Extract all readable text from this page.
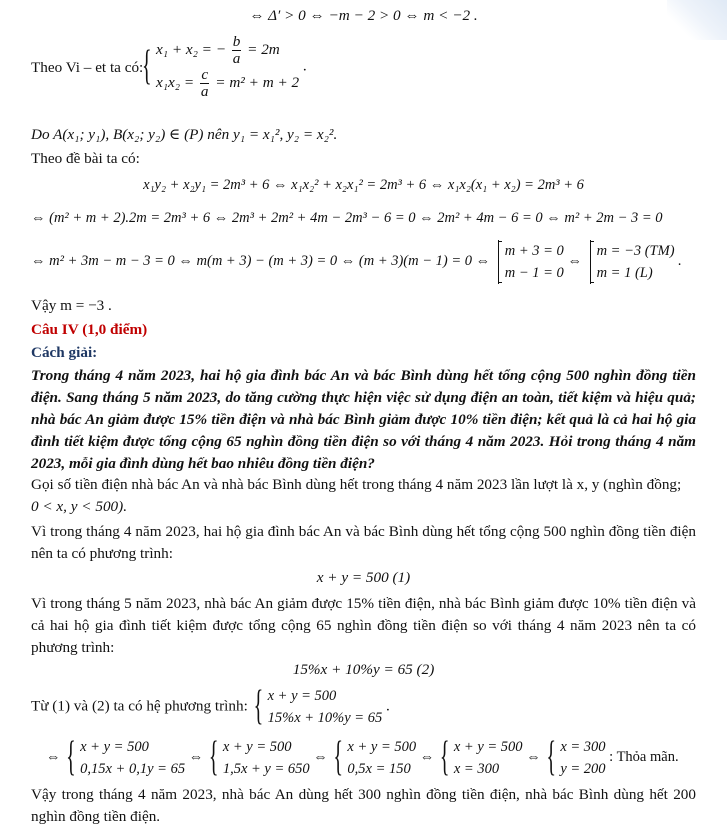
⇔ Δ′ > 0 ⇔ −m − 2 > 0 ⇔ m < −2 .
Theo Vi – et ta có:
{ x₁ + x₂ = − $\frac{b}{a} = 2m$
$x_1x_2 = \frac{c}{a} = m^2 + m + 2$
.
Do A(x₁; y₁), B(x₂; y₂) ∈ (P) nên y₁ = x₁², y₂ = x₂².
Theo đề bài ta có:
x₁y₂ + x₂y₁ = 2m³ + 6 ⇔ x₁x₂² + x₂x₁² = 2m³ + 6 ⇔ x₁x₂(x₁ + x₂) = 2m³ + 6
⇔ (m² + m + 2).2m = 2m³ + 6 ⇔ 2m³ + 2m² + 4m − 2m³ − 6 = 0 ⇔ 2m² + 4m − 6 = 0 ⇔ m² + 2m − 3 = 0
⇔ m² + 3m − m − 3 = 0 ⇔ m(m + 3) − (m + 3) = 0 ⇔ (m + 3)(m − 1) = 0 ⇔
m + 3 = 0
m − 1 = 0
⇔
m = −3 (TM)
m = 1 (L)
.
Vậy m = −3 .
Câu IV (1,0 điểm)
Cách giải:
Trong tháng 4 năm 2023, hai hộ gia đình bác An và bác Bình dùng hết tổng cộng 500 nghìn đồng tiền điện. Sang tháng 5 năm 2023, do tăng cường thực hiện việc sử dụng điện an toàn, tiết kiệm và hiệu quả; nhà bác An giảm được 15% tiền điện và nhà bác Bình giảm được 10% tiền điện; kết quả là cả hai hộ gia đình tiết kiệm được tổng cộng 65 nghìn đồng tiền điện so với tháng 4 năm 2023. Hỏi trong tháng 4 năm 2023, mỗi gia đình dùng hết bao nhiêu đồng tiền điện?
Gọi số tiền điện nhà bác An và nhà bác Bình dùng hết trong tháng 4 năm 2023 lần lượt là x, y (nghìn đồng;
0 < x, y < 500).
Vì trong tháng 4 năm 2023, hai hộ gia đình bác An và bác Bình dùng hết tổng cộng 500 nghìn đồng tiền điện nên ta có phương trình:
x + y = 500 (1)
Vì trong tháng 5 năm 2023, nhà bác An giảm được 15% tiền điện, nhà bác Bình giảm được 10% tiền điện và cả hai hộ gia đình tiết kiệm được tổng cộng 65 nghìn đồng tiền điện so với tháng 4 năm 2023 nên ta có phương trình:
15%x + 10%y = 65 (2)
Từ (1) và (2) ta có hệ phương trình:
{ x + y = 500
15%x + 10%y = 65
.
⇔
{ x + y = 500
0,15x + 0,1y = 65
⇔
{ x + y = 500
1,5x + y = 650
⇔
{ x + y = 500
0,5x = 150
⇔
{ x + y = 500
x = 300
⇔
{ x = 300
y = 200
: Thỏa mãn.
Vậy trong tháng 4 năm 2023, nhà bác An dùng hết 300 nghìn đồng tiền điện, nhà bác Bình dùng hết 200 nghìn đồng tiền điện.
